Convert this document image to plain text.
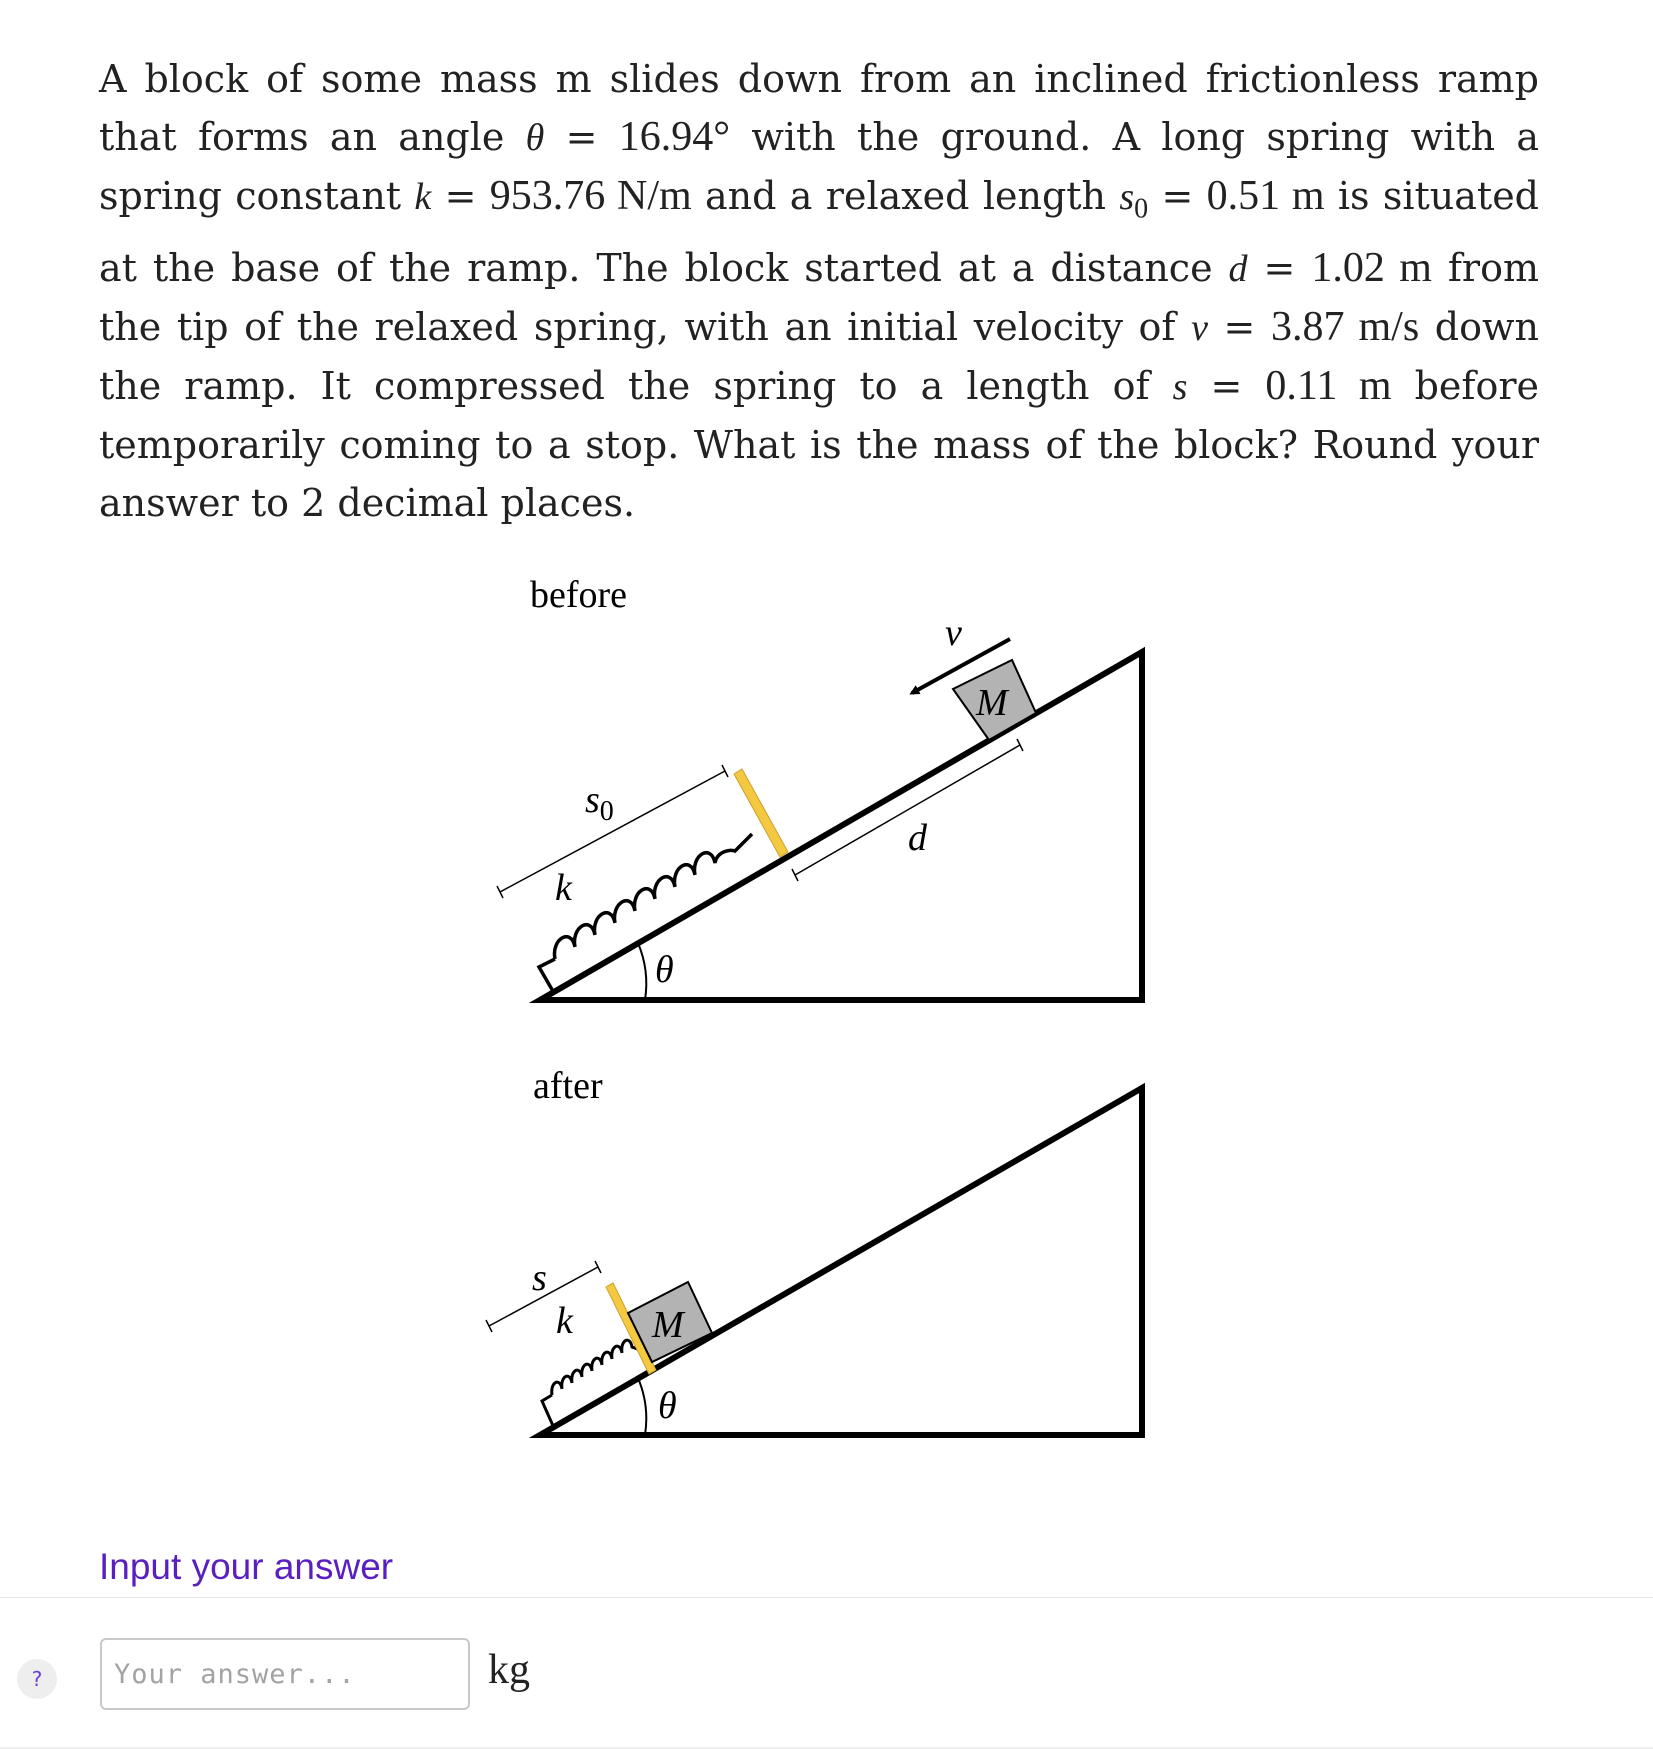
A block of some mass m slides down from an inclined frictionless ramp that forms an angle θ = 16.94° with the ground. A long spring with a spring constant k = 953.76 N/m and a relaxed length $s_0 = 0.51$ m is situated at the base of the ramp. The block started at a distance d = 1.02 m from the tip of the relaxed spring, with an initial velocity of v = 3.87 m/s down the ramp. It compressed the spring to a length of s = 0.11 m before temporarily coming to a stop. What is the mass of the block? Round your answer to 2 decimal places.

before
θ
$s_0$
k
d
M
v⃗
after
θ
s
k M

Input your answer

?
Your answer...	kg
